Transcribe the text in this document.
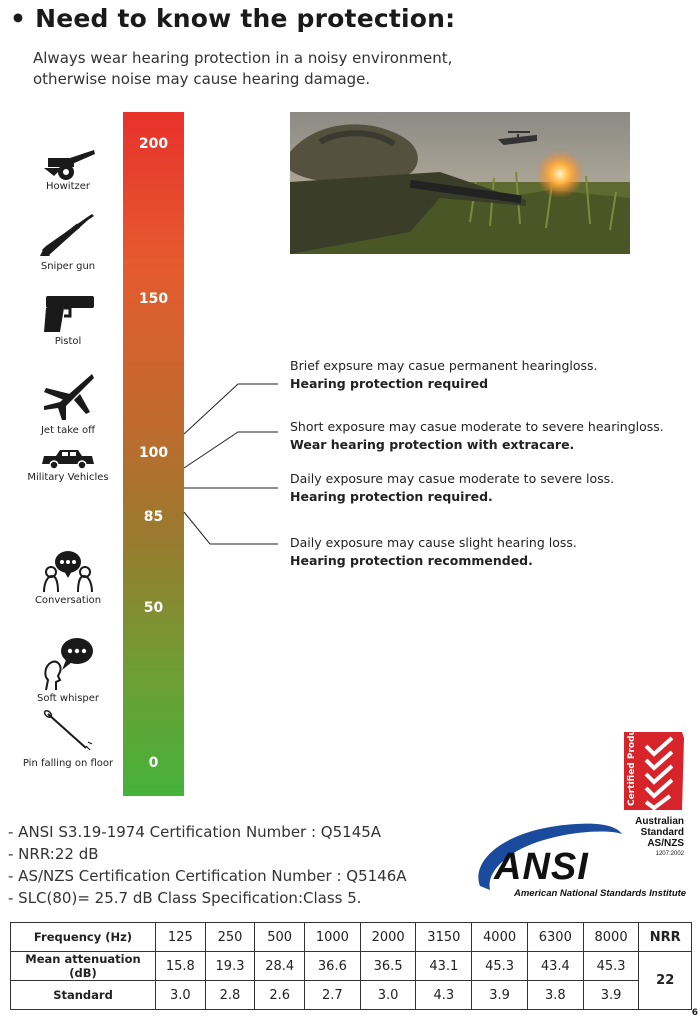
• Need to know the protection:
Always wear hearing protection in a noisy environment,
otherwise noise may cause hearing damage.
200
150
100
85
50
0
Howitzer
Sniper gun
Pistol
Jet take off
Military Vehicles
Conversation
Soft whisper
Pin falling on floor
Brief expsure may casue permanent hearingloss.
Hearing protection required
Short exposure may casue moderate to severe hearingloss.
Wear hearing protection with extracare.
Daily exposure may casue moderate to severe loss.
Hearing protection required.
Daily exposure may cause slight hearing loss.
Hearing protection recommended.
Certified Product
Australian
Standard
AS/NZS
1207:2002
- ANSI S3.19-1974 Certification Number : Q5145A
- NRR:22 dB
- AS/NZS Certification Certification Number : Q5146A
- SLC(80)= 25.7 dB Class Specification:Class 5.
ANSI
American National Standards Institute
Frequency (Hz)	125	250	500	1000	2000	3150	4000	6300	8000	NRR
Mean attenuation (dB)	15.8	19.3	28.4	36.6	36.5	43.1	45.3	43.4	45.3	22
Standard	3.0	2.8	2.6	2.7	3.0	4.3	3.9	3.8	3.9	
6
